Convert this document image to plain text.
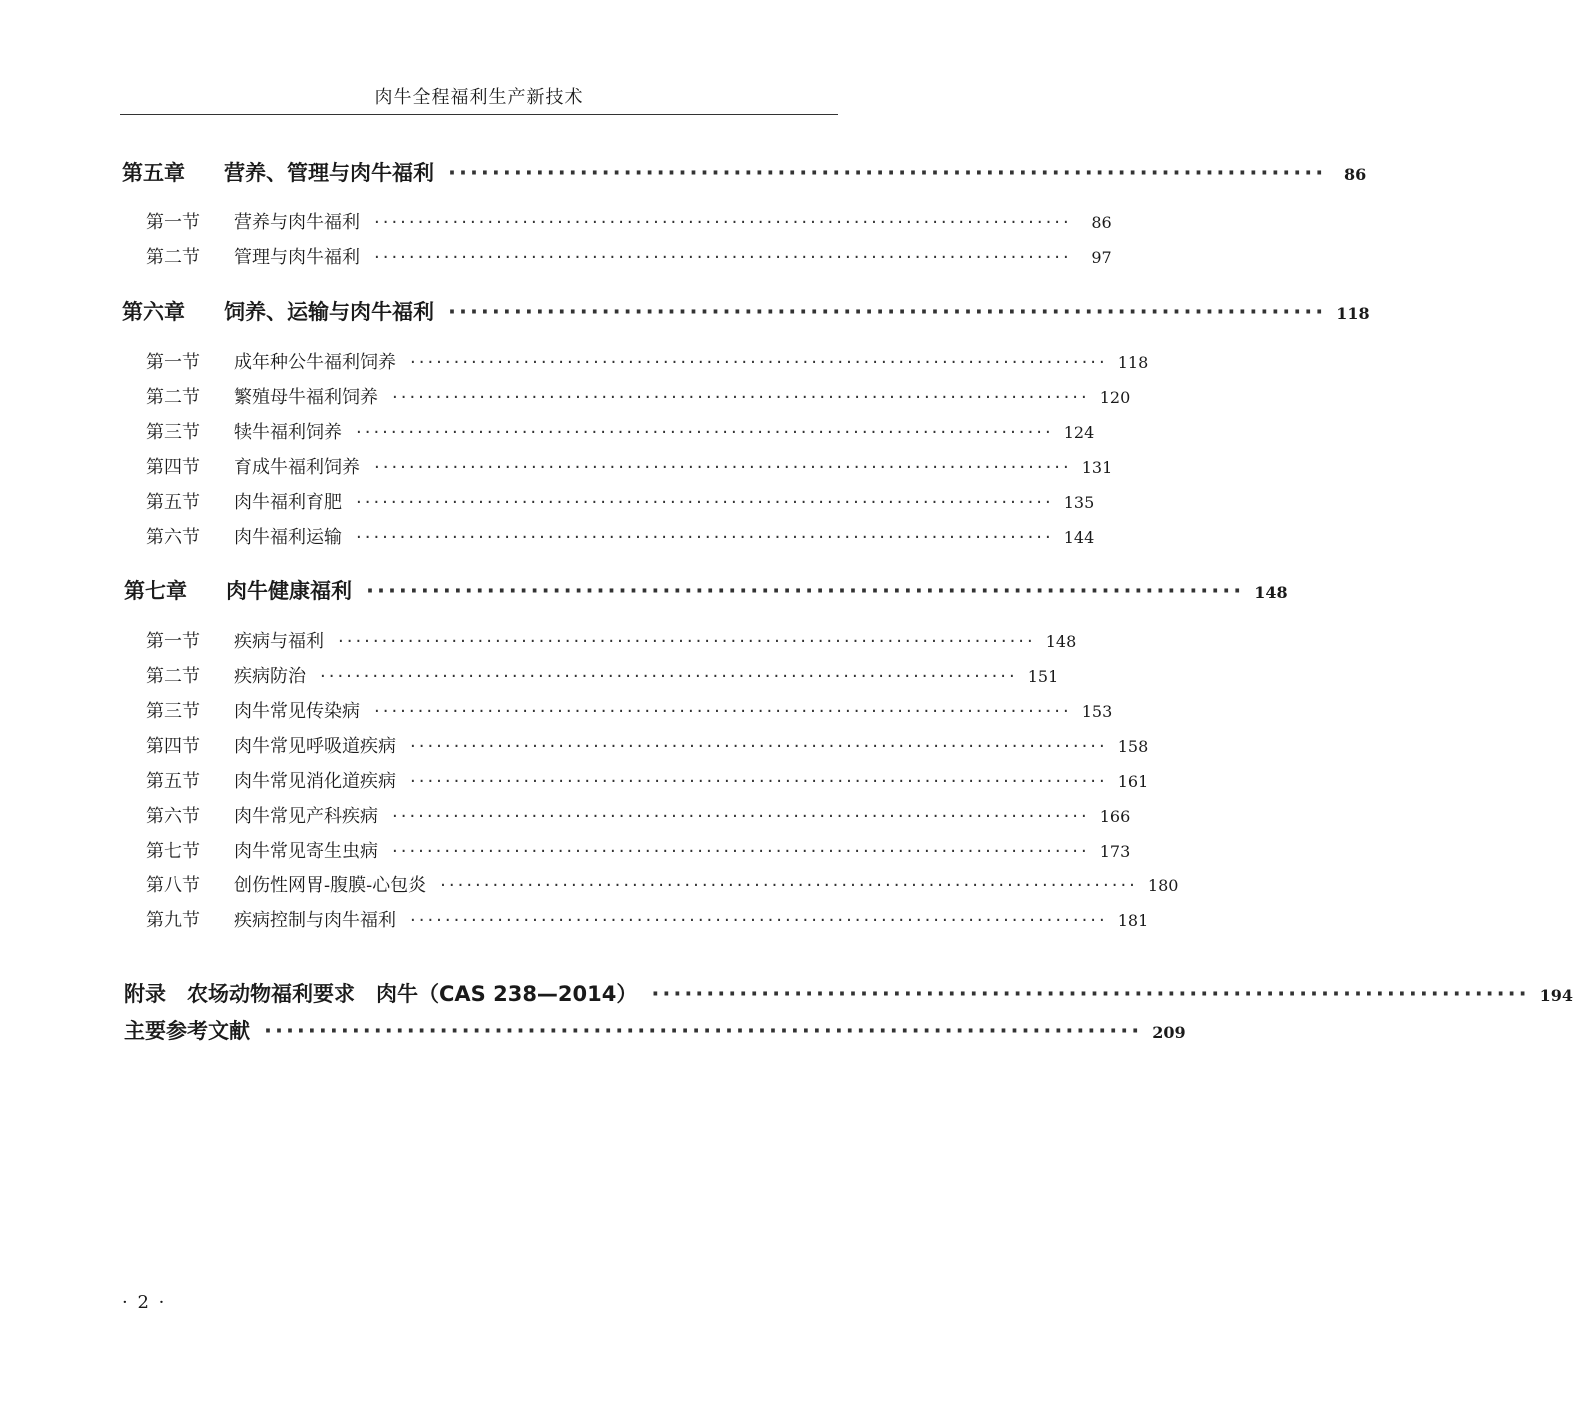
肉牛全程福利生产新技术
第五章	营养、管理与肉牛福利 ················································································	86
第一节	营养与肉牛福利 ················································································	86
第二节	管理与肉牛福利 ················································································	97
第六章	饲养、运输与肉牛福利 ················································································ 118
第一节	成年种公牛福利饲养 ················································································ 118
第二节	繁殖母牛福利饲养 ················································································ 120
第三节	犊牛福利饲养 ················································································ 124
第四节	育成牛福利饲养 ················································································ 131
第五节	肉牛福利育肥 ················································································ 135
第六节	肉牛福利运输 ················································································ 144
第七章	肉牛健康福利 ················································································ 148
第一节	疾病与福利 ················································································ 148
第二节	疾病防治 ················································································ 151
第三节	肉牛常见传染病 ················································································ 153
第四节	肉牛常见呼吸道疾病 ················································································ 158
第五节	肉牛常见消化道疾病 ················································································ 161
第六节	肉牛常见产科疾病 ················································································ 166
第七节	肉牛常见寄生虫病 ················································································ 173
第八节	创伤性网胃-腹膜-心包炎 ················································································ 180
第九节	疾病控制与肉牛福利 ················································································ 181
附录　农场动物福利要求　肉牛（CAS 238—2014） ················································································ 194
主要参考文献 ················································································ 209
· 2 ·
